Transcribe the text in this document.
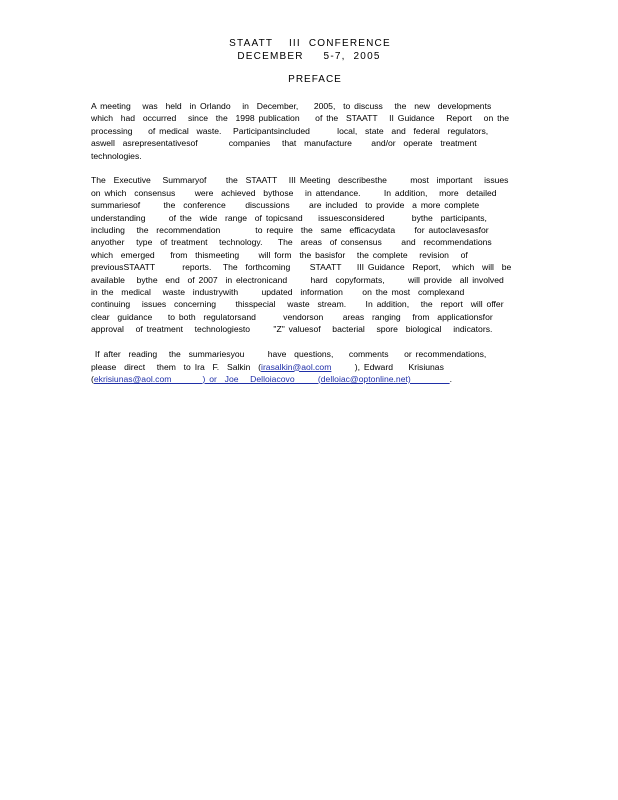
STAATT    III  CONFERENCE
DECEMBER     5-7,  2005
PREFACE
A meeting   was  held  in Orlando   in  December,    2005,  to discuss   the  new  developments
which  had  occurred   since  the  1998 publication    of the  STAATT   II Guidance   Report   on the
processing    of medical  waste.   Participantsincluded       local,  state  and  federal  regulators,
aswell  asrepresentativesof        companies   that  manufacture     and/or  operate  treatment
technologies.
The  Executive   Summaryof     the  STAATT   III Meeting  describesthe      most  important   issues
on which  consensus     were  achieved  bythose   in attendance.      In addition,   more  detailed
summariesof      the  conference     discussions     are included  to provide  a more complete
understanding      of the  wide  range  of topicsand    issuesconsidered       bythe  participants,
including   the  recommendation         to require  the  same  efficacydata     for autoclavesasfor
anyother   type  of treatment   technology.    The  areas  of consensus     and  recommendations
which  emerged    from  thismeeting     will form  the basisfor   the complete   revision   of
previousSTAATT       reports.   The  forthcoming     STAATT    III Guidance  Report,   which  will  be
available   bythe  end  of 2007  in electronicand      hard  copyformats,      will provide  all involved
in the  medical   waste  industrywith      updated  information     on the most  complexand
continuing   issues  concerning     thisspecial   waste  stream.     In addition,   the  report  will offer
clear  guidance    to both  regulatorsand       vendorson     areas  ranging   from  applicationsfor
approval   of treatment   technologiesto      "Z" valuesof   bacterial   spore  biological   indicators.
If after  reading   the  summariesyou      have  questions,    comments    or recommendations,
please  direct   them  to Ira  F.  Salkin  (irasalkin@aol.com      ), Edward    Krisiunas
(ekrisiunas@aol.com        ) or  Joe   Delloiacovo      (delloiac@optonline.net)          .
